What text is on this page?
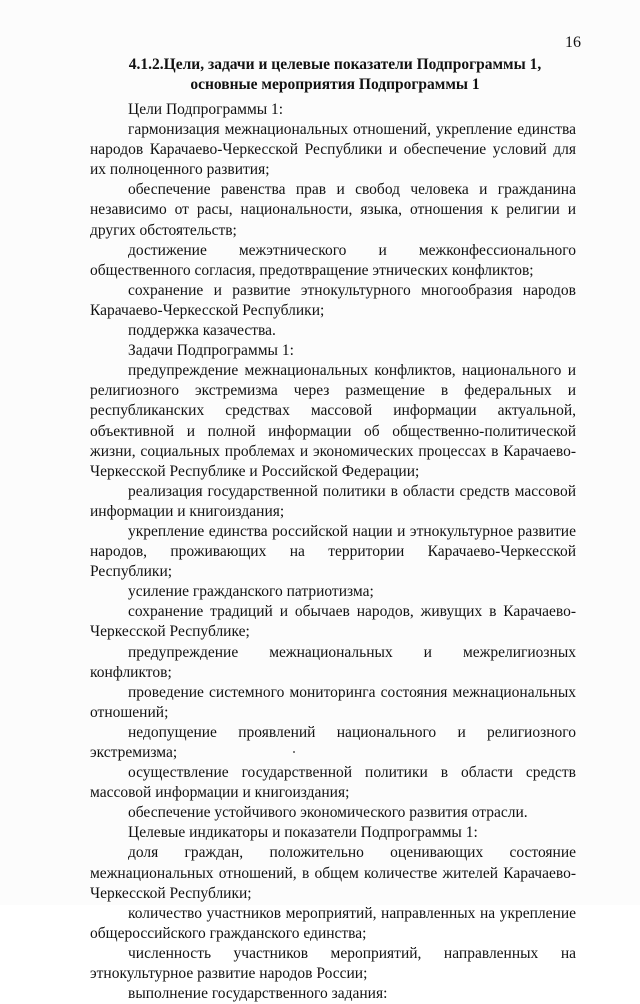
16
4.1.2.Цели, задачи и целевые показатели Подпрограммы 1,
основные мероприятия Подпрограммы 1

Цели Подпрограммы 1:

гармонизация межнациональных отношений, укрепление единства народов Карачаево-Черкесской Республики и обеспечение условий для их полноценного развития;

обеспечение равенства прав и свобод человека и гражданина независимо от расы, национальности, языка, отношения к религии и других обстоятельств;

достижение межэтнического и межконфессионального общественного согласия, предотвращение этнических конфликтов;

сохранение и развитие этнокультурного многообразия народов Карачаево-Черкесской Республики;

поддержка казачества.

Задачи Подпрограммы 1:

предупреждение межнациональных конфликтов, национального и религиозного экстремизма через размещение в федеральных и республиканских средствах массовой информации актуальной, объективной и полной информации об общественно-политической жизни, социальных проблемах и экономических процессах в Карачаево-Черкесской Республике и Российской Федерации;

реализация государственной политики в области средств массовой информации и книгоиздания;

укрепление единства российской нации и этнокультурное развитие народов, проживающих на территории Карачаево-Черкесской Республики;

усиление гражданского патриотизма;

сохранение традиций и обычаев народов, живущих в Карачаево-Черкесской Республике;

предупреждение межнациональных и межрелигиозных конфликтов;

проведение системного мониторинга состояния межнациональных отношений;

недопущение проявлений национального и религиозного экстремизма;

осуществление государственной политики в области средств массовой информации и книгоиздания;

обеспечение устойчивого экономического развития отрасли.

Целевые индикаторы и показатели Подпрограммы 1:

доля граждан, положительно оценивающих состояние межнациональных отношений, в общем количестве жителей Карачаево-Черкесской Республики;

количество участников мероприятий, направленных на укрепление общероссийского гражданского единства;

численность участников мероприятий, направленных на этнокультурное развитие народов России;

выполнение государственного задания:
